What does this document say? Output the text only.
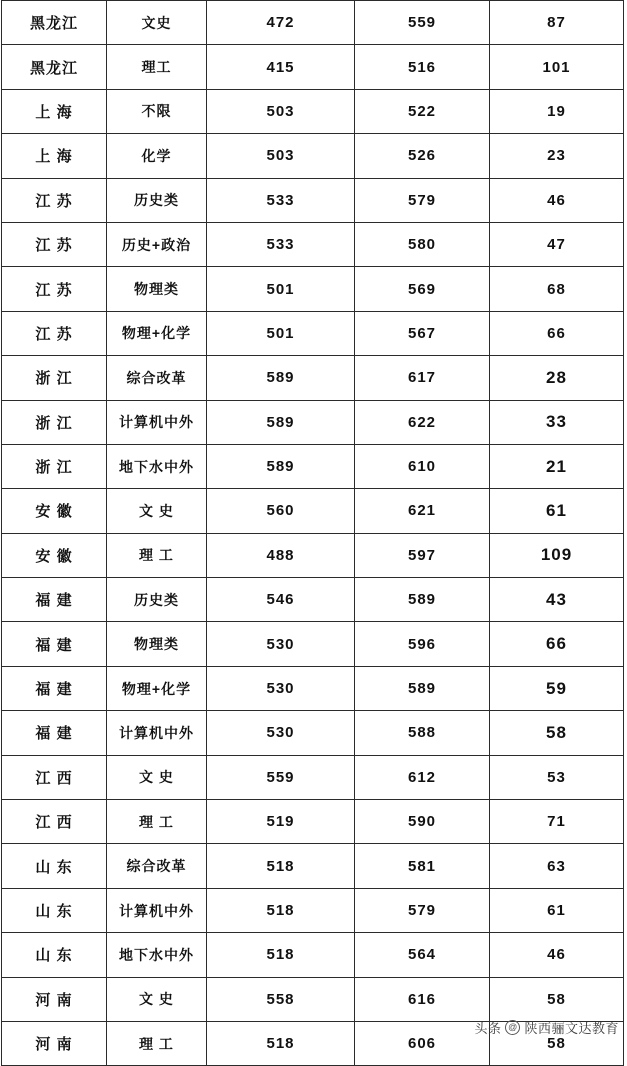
黑龙江	文史	472	559	87
黑龙江	理工	415	516	101
上 海	不限	503	522	19
上 海	化学	503	526	23
江 苏	历史类	533	579	46
江 苏	历史+政治	533	580	47
江 苏	物理类	501	569	68
江 苏	物理+化学	501	567	66
浙 江	综合改革	589	617	28
浙 江	计算机中外	589	622	33
浙 江	地下水中外	589	610	21
安 徽	文 史	560	621	61
安 徽	理 工	488	597	109
福 建	历史类	546	589	43
福 建	物理类	530	596	66
福 建	物理+化学	530	589	59
福 建	计算机中外	530	588	58
江 西	文 史	559	612	53
江 西	理 工	519	590	71
山 东	综合改革	518	581	63
山 东	计算机中外	518	579	61
山 东	地下水中外	518	564	46
河 南	文 史	558	616	58
河 南	理 工	518	606	58
头条 @ 陕西骊文达教育
